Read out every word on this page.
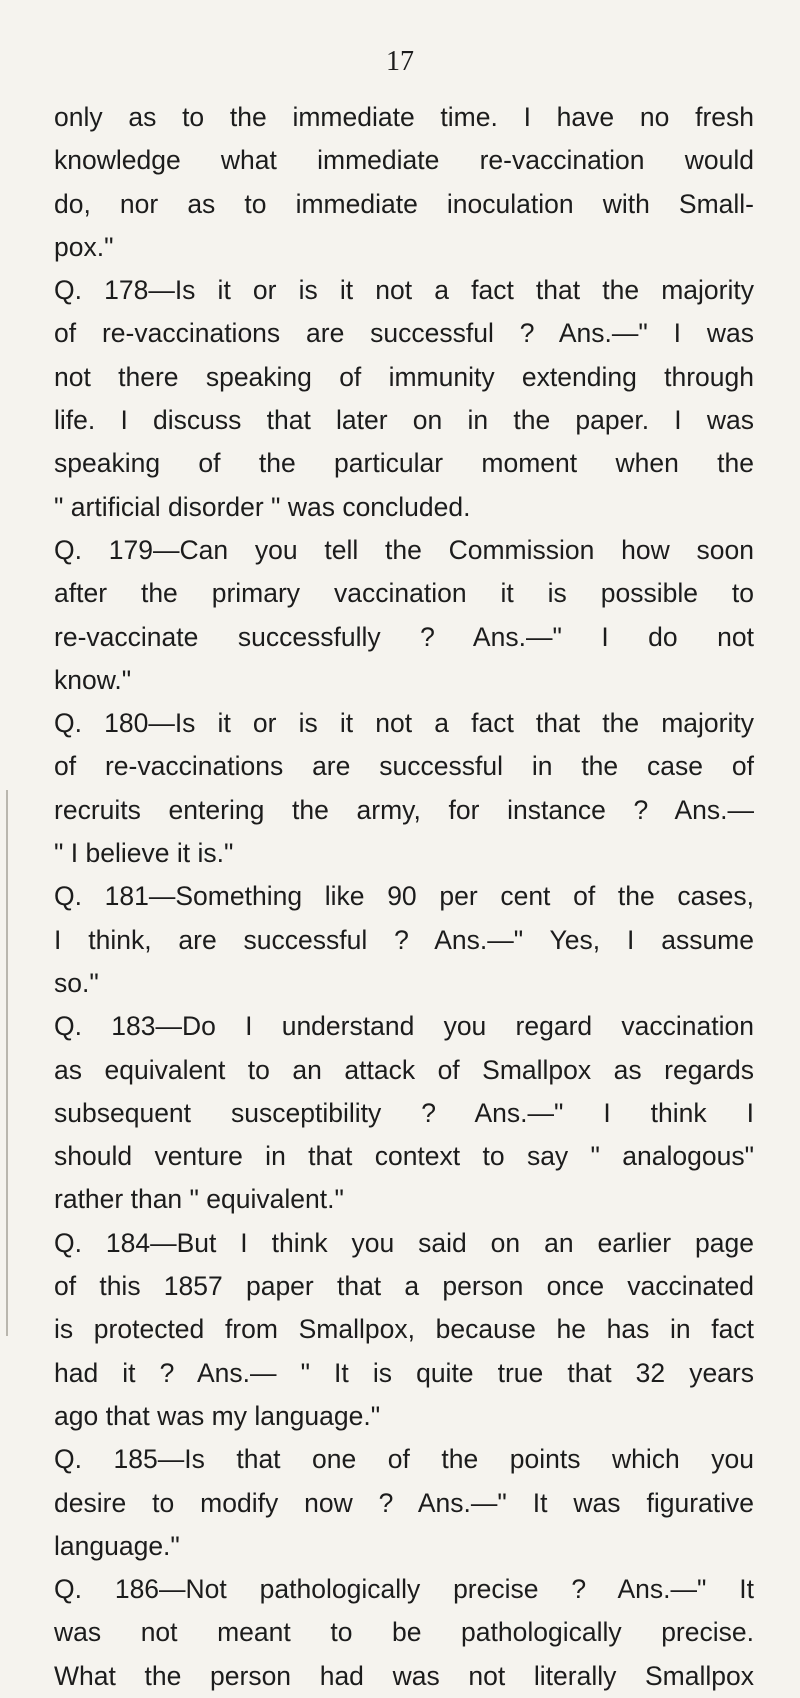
17
only as to the immediate time. I have no fresh
knowledge what immediate re-vaccination would
do, nor as to immediate inoculation with Small-
pox."
Q. 178—Is it or is it not a fact that the majority
of re-vaccinations are successful ? Ans.—" I was
not there speaking of immunity extending through
life. I discuss that later on in the paper. I was
speaking of the particular moment when the
" artificial disorder " was concluded.
Q. 179—Can you tell the Commission how soon
after the primary vaccination it is possible to
re-vaccinate successfully ? Ans.—" I do not
know."
Q. 180—Is it or is it not a fact that the majority
of re-vaccinations are successful in the case of
recruits entering the army, for instance ? Ans.—
" I believe it is."
Q. 181—Something like 90 per cent of the cases,
I think, are successful ? Ans.—" Yes, I assume
so."
Q. 183—Do I understand you regard vaccination
as equivalent to an attack of Smallpox as regards
subsequent susceptibility ? Ans.—" I think I
should venture in that context to say " analogous"
rather than " equivalent."
Q. 184—But I think you said on an earlier page
of this 1857 paper that a person once vaccinated
is protected from Smallpox, because he has in fact
had it ? Ans.— " It is quite true that 32 years
ago that was my language."
Q. 185—Is that one of the points which you
desire to modify now ? Ans.—" It was figurative
language."
Q. 186—Not pathologically precise ? Ans.—" It
was not meant to be pathologically precise.
What the person had was not literally Smallpox
